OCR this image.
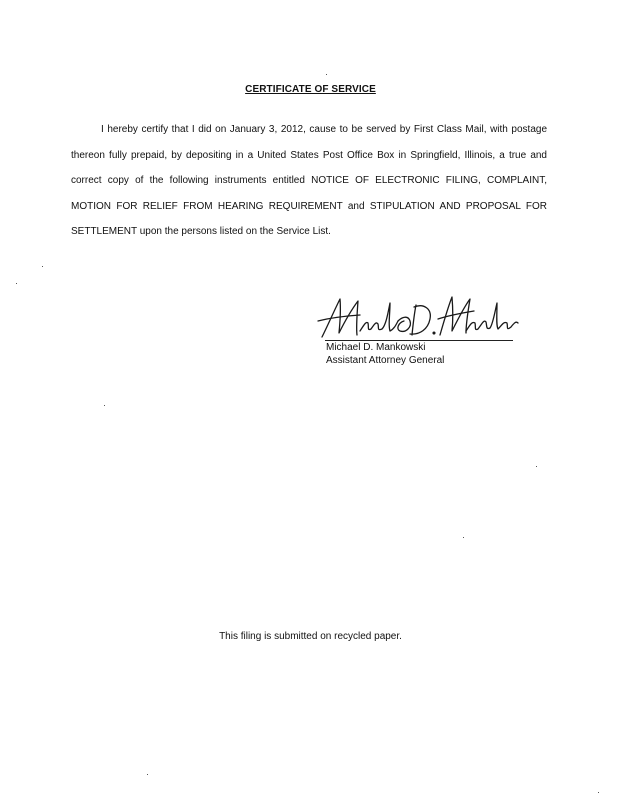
CERTIFICATE OF SERVICE

I hereby certify that I did on January 3, 2012, cause to be served by First Class Mail, with postage thereon fully prepaid, by depositing in a United States Post Office Box in Springfield, Illinois, a true and correct copy of the following instruments entitled NOTICE OF ELECTRONIC FILING, COMPLAINT, MOTION FOR RELIEF FROM HEARING REQUIREMENT and STIPULATION AND PROPOSAL FOR SETTLEMENT upon the persons listed on the Service List.

Michael D. Mankowski
Assistant Attorney General
This filing is submitted on recycled paper.
